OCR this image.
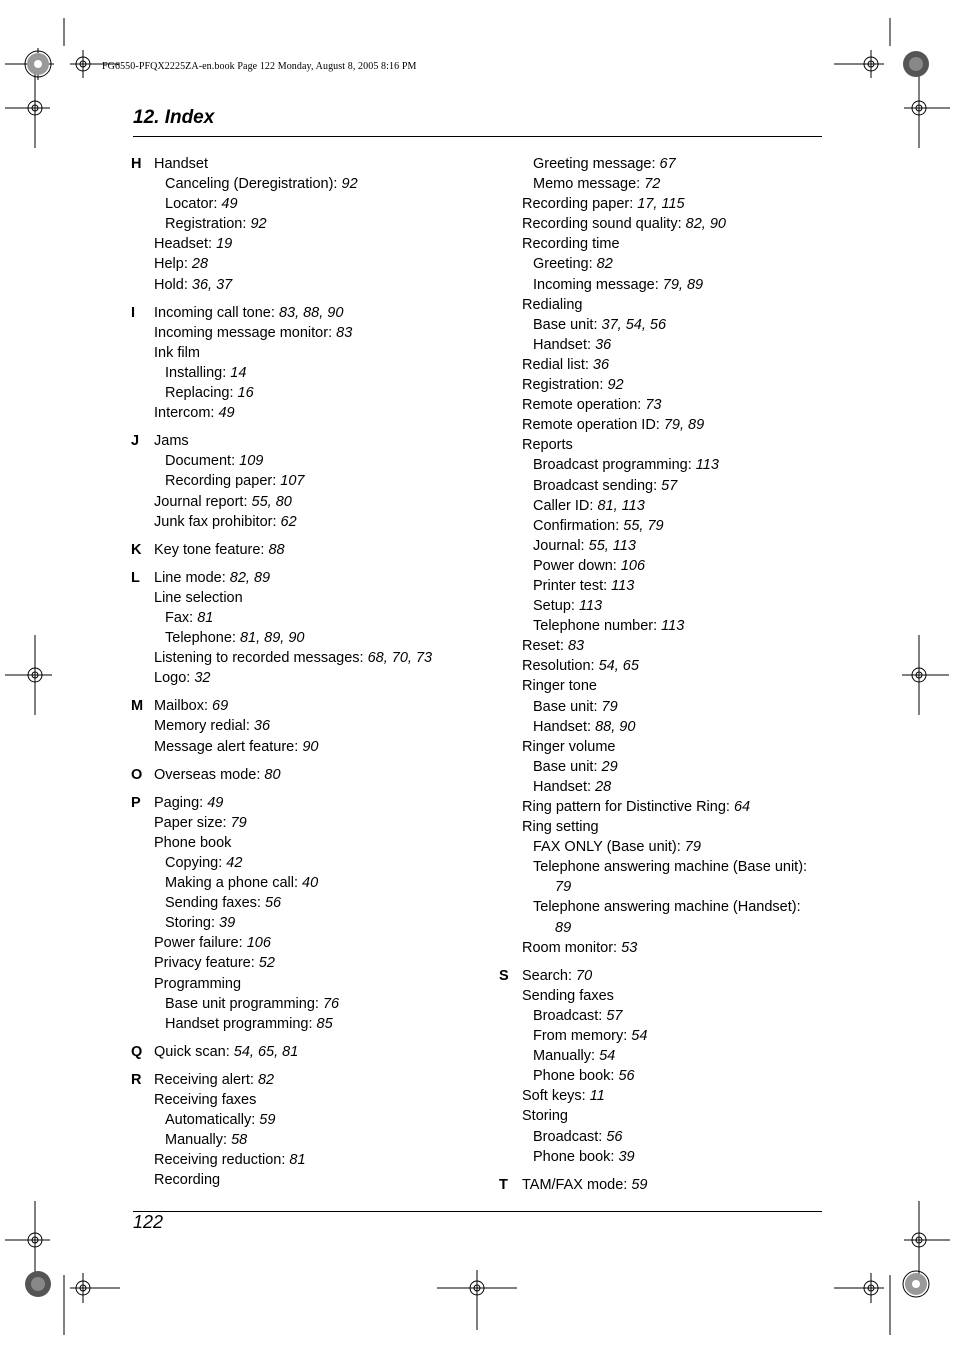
FG6550-PFQX2225ZA-en.book Page 122 Monday, August 8, 2005 8:16 PM
12. Index
H Handset
Canceling (Deregistration): 92
Locator: 49
Registration: 92
Headset: 19
Help: 28
Hold: 36, 37
I	Incoming call tone: 83, 88, 90
Incoming message monitor: 83
Ink film
Installing: 14
Replacing: 16
Intercom: 49
J	Jams
Document: 109
Recording paper: 107
Journal report: 55, 80
Junk fax prohibitor: 62
K Key tone feature: 88
L Line mode: 82, 89
Line selection
Fax: 81
Telephone: 81, 89, 90
Listening to recorded messages: 68, 70, 73
Logo: 32
M Mailbox: 69
Memory redial: 36
Message alert feature: 90
O Overseas mode: 80
P Paging: 49
Paper size: 79
Phone book
Copying: 42
Making a phone call: 40
Sending faxes: 56
Storing: 39
Power failure: 106
Privacy feature: 52
Programming
Base unit programming: 76
Handset programming: 85
Q Quick scan: 54, 65, 81
R Receiving alert: 82
Receiving faxes
Automatically: 59
Manually: 58
Receiving reduction: 81
Recording
Greeting message: 67
Memo message: 72
Recording paper: 17, 115
Recording sound quality: 82, 90
Recording time
Greeting: 82
Incoming message: 79, 89
Redialing
Base unit: 37, 54, 56
Handset: 36
Redial list: 36
Registration: 92
Remote operation: 73
Remote operation ID: 79, 89
Reports
Broadcast programming: 113
Broadcast sending: 57
Caller ID: 81, 113
Confirmation: 55, 79
Journal: 55, 113
Power down: 106
Printer test: 113
Setup: 113
Telephone number: 113
Reset: 83
Resolution: 54, 65
Ringer tone
Base unit: 79
Handset: 88, 90
Ringer volume
Base unit: 29
Handset: 28
Ring pattern for Distinctive Ring: 64
Ring setting
FAX ONLY (Base unit): 79
Telephone answering machine (Base unit):
79
Telephone answering machine (Handset):
89
Room monitor: 53
S Search: 70
Sending faxes
Broadcast: 57
From memory: 54
Manually: 54
Phone book: 56
Soft keys: 11
Storing
Broadcast: 56
Phone book: 39
T TAM/FAX mode: 59
122
